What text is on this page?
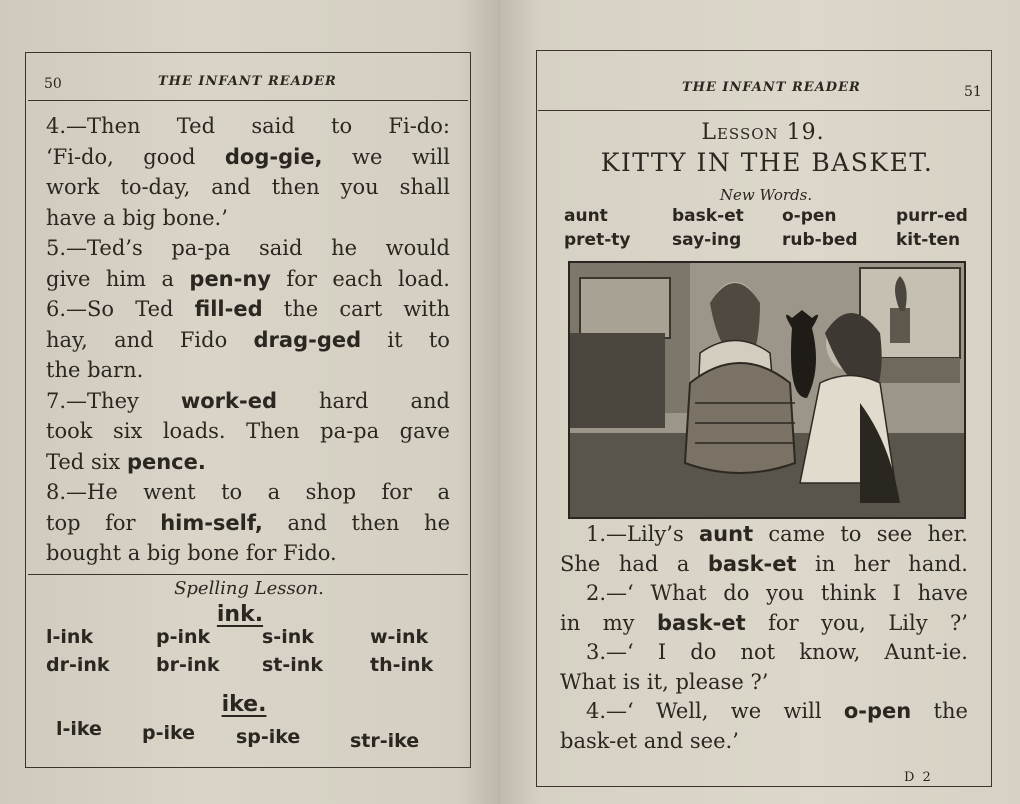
50	THE INFANT READER
4.—Then Ted said to Fi-do:
‘Fi-do, good dog-gie, we will
work to-day, and then you shall
have a big bone.’
5.—Ted’s pa-pa said he would
give him a pen-ny for each load.
6.—So Ted fill-ed the cart with
hay, and Fido drag-ged it to
the barn.
7.—They work-ed hard and
took six loads. Then pa-pa gave
Ted six pence.
8.—He went to a shop for a
top for him-self, and then he
bought a big bone for Fido.
Spelling Lesson.
ink.
l-ink	p-ink	s-ink	w-ink
dr-ink br-ink st-ink th-ink
ike.
l-ike p-ike sp-ike	str-ike
THE INFANT READER	51
Lesson 19.
KITTY IN THE BASKET.
New Words.
aunt	bask-et o-pen	purr-ed
pret-ty say-ing rub-bed kit-ten
1.—Lily’s aunt came to see her.
She had a bask-et in her hand.
2.—‘ What do you think I have
in my bask-et for you, Lily ?’
3.—‘ I do not know, Aunt-ie.
What is it, please ?’
4.—‘ Well, we will o-pen the
bask-et and see.’
D 2
